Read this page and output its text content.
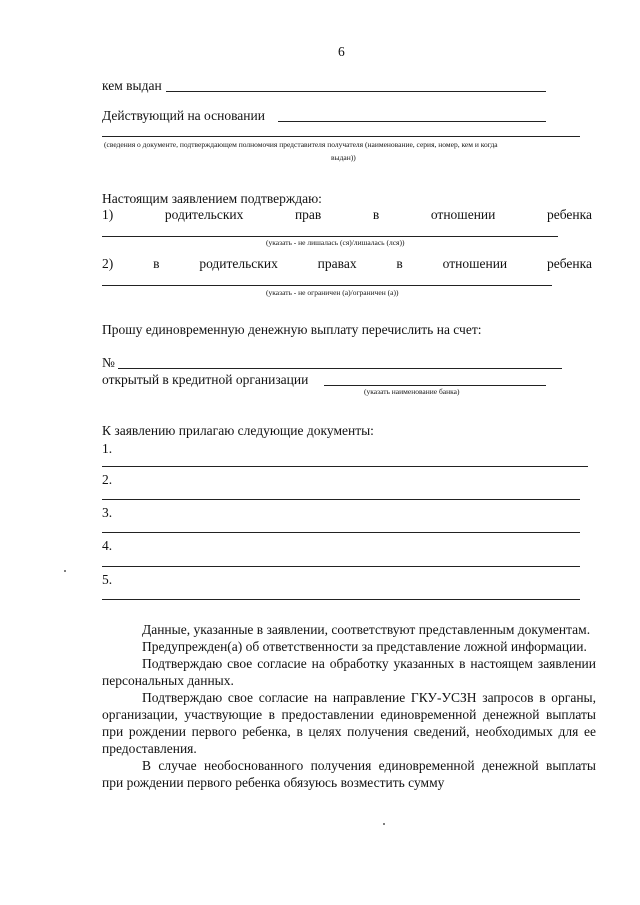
6
кем выдан
Действующий на основании
(сведения о документе, подтверждающем полномочия представителя получателя (наименование, серия, номер, кем и когда
выдан))
Настоящим заявлением подтверждаю:
1)	родительских	прав	в	отношении	ребенка
(указать - не лишалась (ся)/лишалась (лся))
2)	в	родительских	правах	в	отношении	ребенка
(указать - не ограничен (а)/ограничен (а))
Прошу единовременную денежную выплату перечислить на счет:
№
открытый в кредитной организации
(указать наименование банка)
К заявлению прилагаю следующие документы:
1.
2.
3.
4.
5.

Данные, указанные в заявлении, соответствуют представленным документам.

Предупрежден(а) об ответственности за представление ложной информации.

Подтверждаю свое согласие на обработку указанных в настоящем заявлении персональных данных.

Подтверждаю свое согласие на направление ГКУ-УСЗН запросов в органы, организации, участвующие в предоставлении единовременной денежной выплаты при рождении первого ребенка, в целях получения сведений, необходимых для ее предоставления.

В случае необоснованного получения единовременной денежной выплаты при рождении первого ребенка обязуюсь возместить сумму
